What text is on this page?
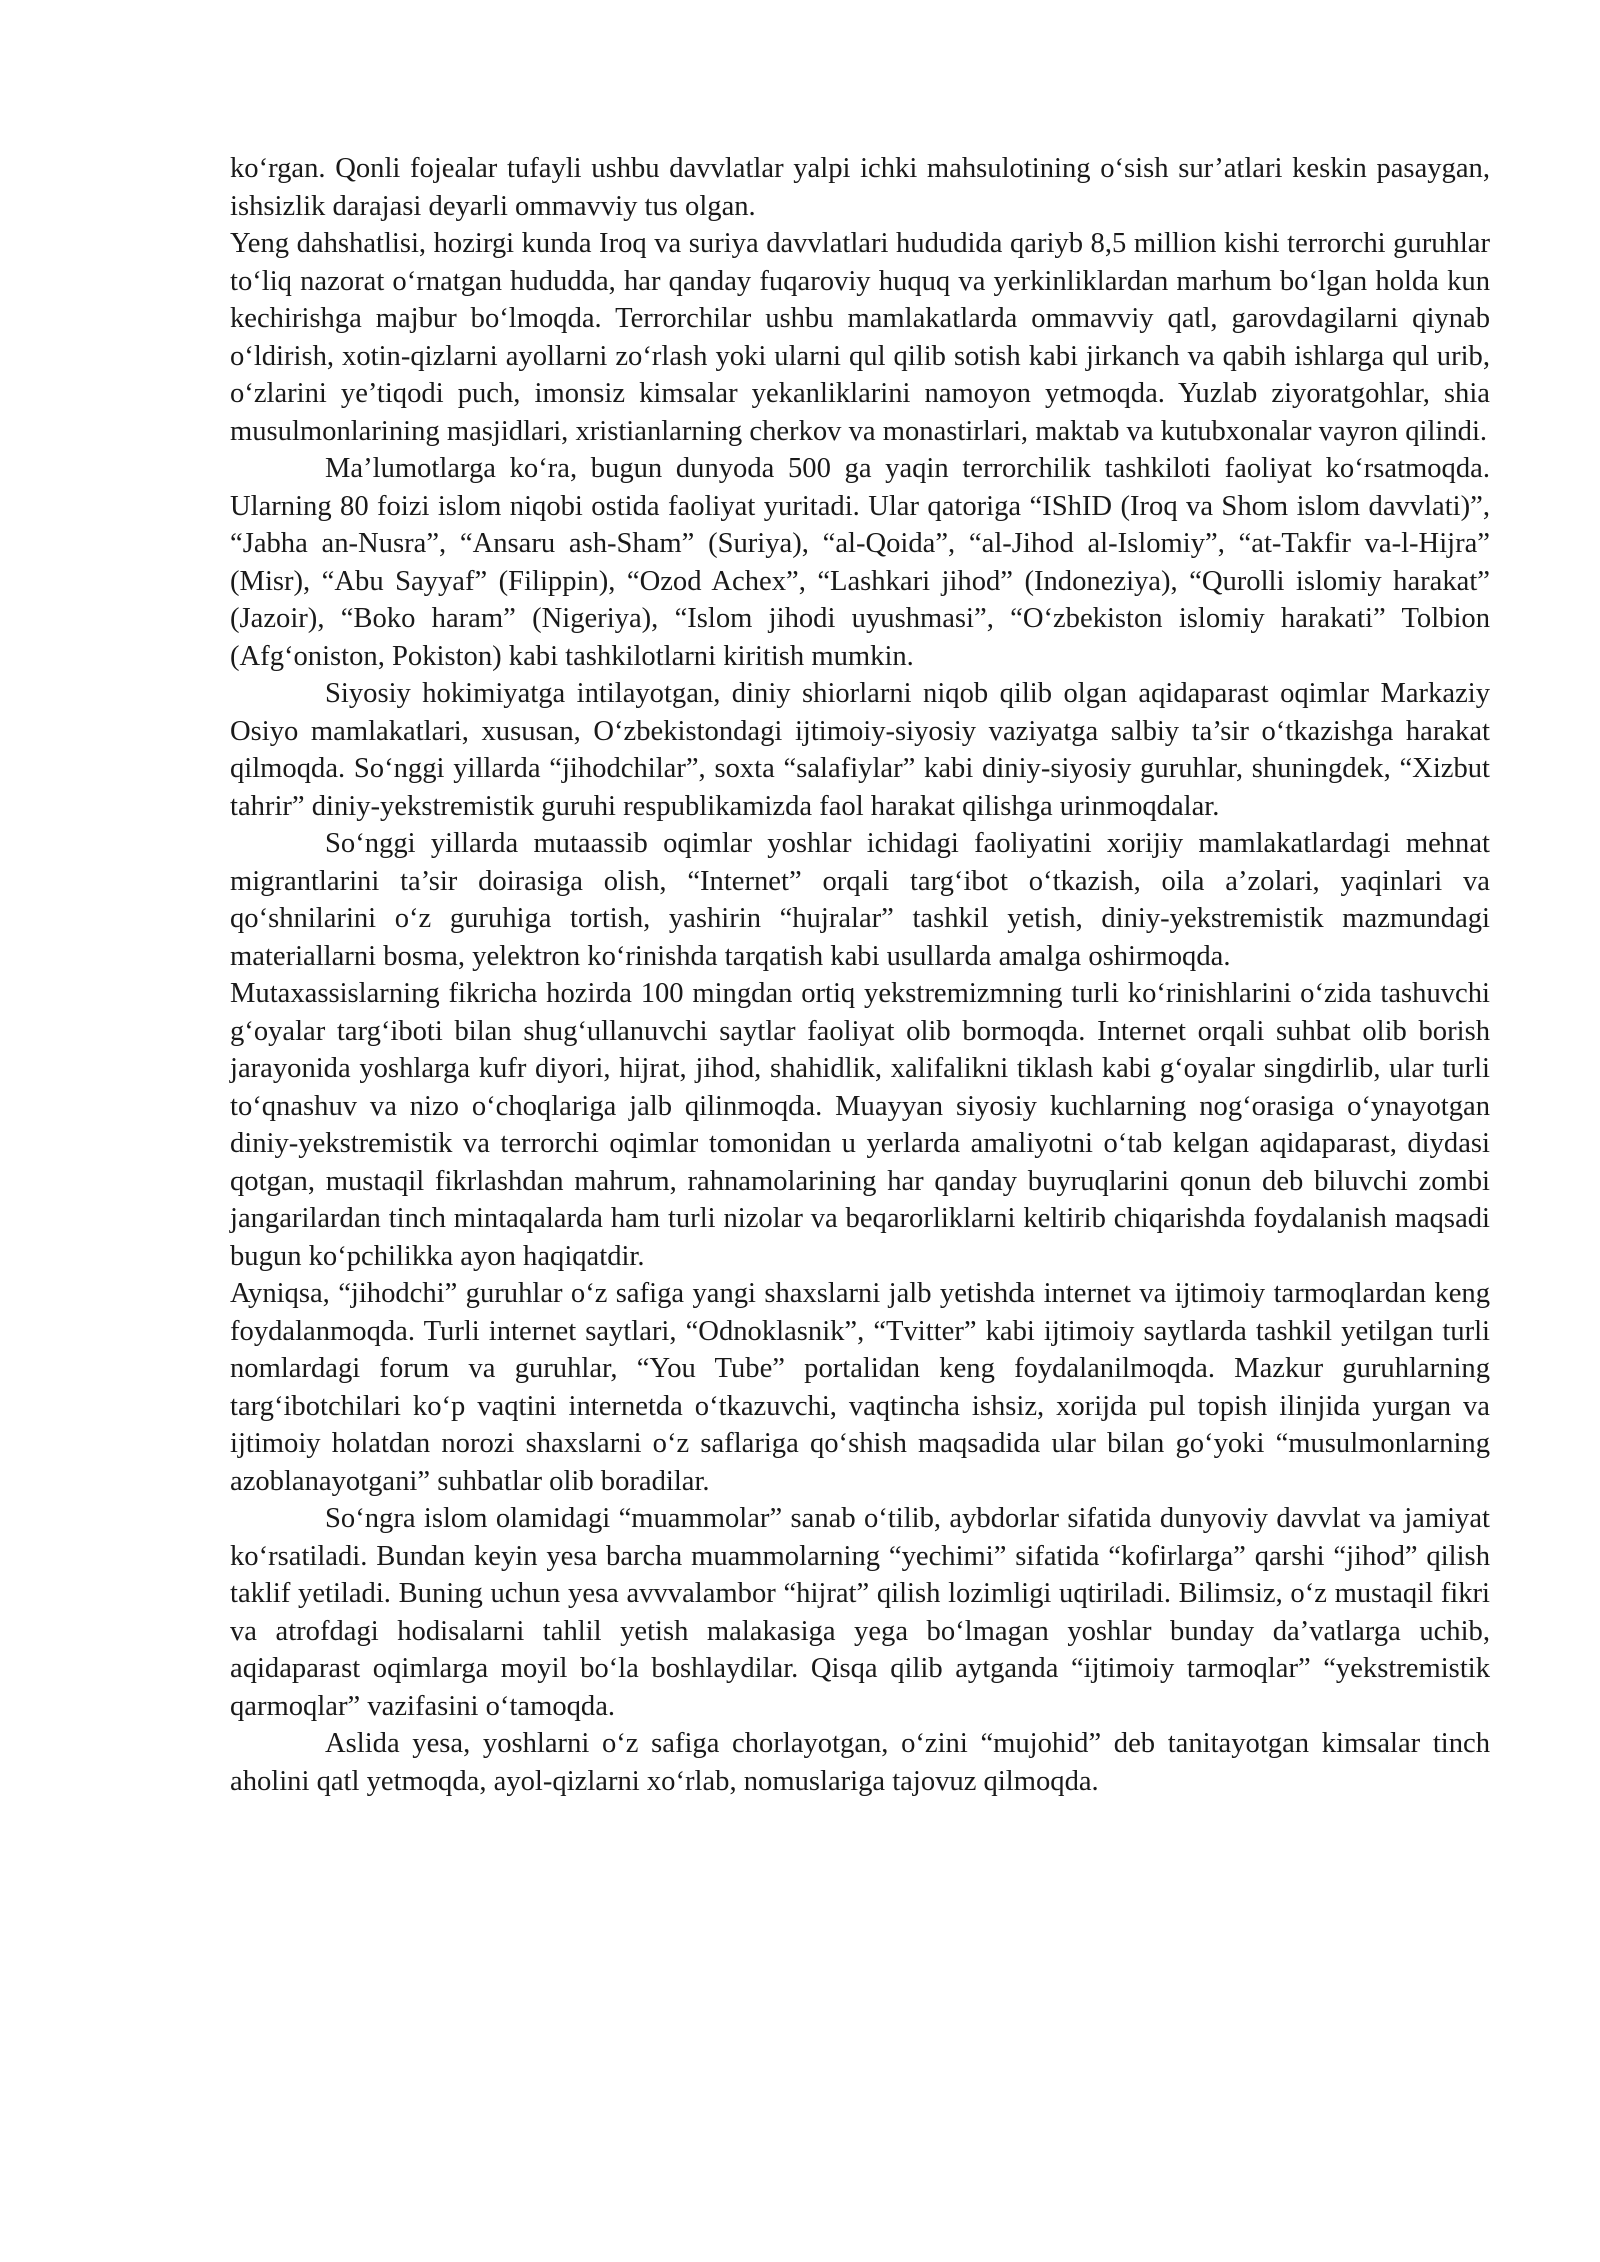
ko‘rgan. Qonli fojealar tufayli ushbu davvlatlar yalpi ichki mahsulotining o‘sish sur’atlari keskin pasaygan, ishsizlik darajasi deyarli ommavviy tus olgan.

Yeng dahshatlisi, hozirgi kunda Iroq va suriya davvlatlari hududida qariyb 8,5 million kishi terrorchi guruhlar to‘liq nazorat o‘rnatgan hududda, har qanday fuqaroviy huquq va yerkinliklardan marhum bo‘lgan holda kun kechirishga majbur bo‘lmoqda. Terrorchilar ushbu mamlakatlarda ommavviy qatl, garovdagilarni qiynab o‘ldirish, xotin-qizlarni ayollarni zo‘rlash yoki ularni qul qilib sotish kabi jirkanch va qabih ishlarga qul urib, o‘zlarini ye’tiqodi puch, imonsiz kimsalar yekanliklarini namoyon yetmoqda. Yuzlab ziyoratgohlar, shia musulmonlarining masjidlari, xristianlarning cherkov va monastirlari, maktab va kutubxonalar vayron qilindi.

Ma’lumotlarga ko‘ra, bugun dunyoda 500 ga yaqin terrorchilik tashkiloti faoliyat ko‘rsatmoqda. Ularning 80 foizi islom niqobi ostida faoliyat yuritadi. Ular qatoriga “IShID (Iroq va Shom islom davvlati)”, “Jabha an-Nusra”, “Ansaru ash-Sham” (Suriya), “al-Qoida”, “al-Jihod al-Islomiy”, “at-Takfir va-l-Hijra” (Misr), “Abu Sayyaf” (Filippin), “Ozod Achex”, “Lashkari jihod” (Indoneziya), “Qurolli islomiy harakat” (Jazoir), “Boko haram” (Nigeriya), “Islom jihodi uyushmasi”, “O‘zbekiston islomiy harakati” Tolbion (Afg‘oniston, Pokiston) kabi tashkilotlarni kiritish mumkin.

Siyosiy hokimiyatga intilayotgan, diniy shiorlarni niqob qilib olgan aqidaparast oqimlar Markaziy Osiyo mamlakatlari, xususan, O‘zbekistondagi ijtimoiy-siyosiy vaziyatga salbiy ta’sir o‘tkazishga harakat qilmoqda. So‘nggi yillarda “jihodchilar”, soxta “salafiylar” kabi diniy-siyosiy guruhlar, shuningdek, “Xizbut tahrir” diniy-yekstremistik guruhi respublikamizda faol harakat qilishga urinmoqdalar.

So‘nggi yillarda mutaassib oqimlar yoshlar ichidagi faoliyatini xorijiy mamlakatlardagi mehnat migrantlarini ta’sir doirasiga olish, “Internet” orqali targ‘ibot o‘tkazish, oila a’zolari, yaqinlari va qo‘shnilarini o‘z guruhiga tortish, yashirin “hujralar” tashkil yetish, diniy-yekstremistik mazmundagi materiallarni bosma, yelektron ko‘rinishda tarqatish kabi usullarda amalga oshirmoqda.

Mutaxassislarning fikricha hozirda 100 mingdan ortiq yekstremizmning turli ko‘rinishlarini o‘zida tashuvchi g‘oyalar targ‘iboti bilan shug‘ullanuvchi saytlar faoliyat olib bormoqda. Internet orqali suhbat olib borish jarayonida yoshlarga kufr diyori, hijrat, jihod, shahidlik, xalifalikni tiklash kabi g‘oyalar singdirlib, ular turli to‘qnashuv va nizo o‘choqlariga jalb qilinmoqda. Muayyan siyosiy kuchlarning nog‘orasiga o‘ynayotgan diniy-yekstremistik va terrorchi oqimlar tomonidan u yerlarda amaliyotni o‘tab kelgan aqidaparast, diydasi qotgan, mustaqil fikrlashdan mahrum, rahnamolarining har qanday buyruqlarini qonun deb biluvchi zombi jangarilardan tinch mintaqalarda ham turli nizolar va beqarorliklarni keltirib chiqarishda foydalanish maqsadi bugun ko‘pchilikka ayon haqiqatdir.

Ayniqsa, “jihodchi” guruhlar o‘z safiga yangi shaxslarni jalb yetishda internet va ijtimoiy tarmoqlardan keng foydalanmoqda. Turli internet saytlari, “Odnoklasnik”, “Tvitter” kabi ijtimoiy saytlarda tashkil yetilgan turli nomlardagi forum va guruhlar, “You Tube” portalidan keng foydalanilmoqda. Mazkur guruhlarning targ‘ibotchilari ko‘p vaqtini internetda o‘tkazuvchi, vaqtincha ishsiz, xorijda pul topish ilinjida yurgan va ijtimoiy holatdan norozi shaxslarni o‘z saflariga qo‘shish maqsadida ular bilan go‘yoki “musulmonlarning azoblanayotgani” suhbatlar olib boradilar.

So‘ngra islom olamidagi “muammolar” sanab o‘tilib, aybdorlar sifatida dunyoviy davvlat va jamiyat ko‘rsatiladi. Bundan keyin yesa barcha muammolarning “yechimi” sifatida “kofirlarga” qarshi “jihod” qilish taklif yetiladi. Buning uchun yesa avvvalambor “hijrat” qilish lozimligi uqtiriladi. Bilimsiz, o‘z mustaqil fikri va atrofdagi hodisalarni tahlil yetish malakasiga yega bo‘lmagan yoshlar bunday da’vatlarga uchib, aqidaparast oqimlarga moyil bo‘la boshlaydilar. Qisqa qilib aytganda “ijtimoiy tarmoqlar” “yekstremistik qarmoqlar” vazifasini o‘tamoqda.

Aslida yesa, yoshlarni o‘z safiga chorlayotgan, o‘zini “mujohid” deb tanitayotgan kimsalar tinch aholini qatl yetmoqda, ayol-qizlarni xo‘rlab, nomuslariga tajovuz qilmoqda.
